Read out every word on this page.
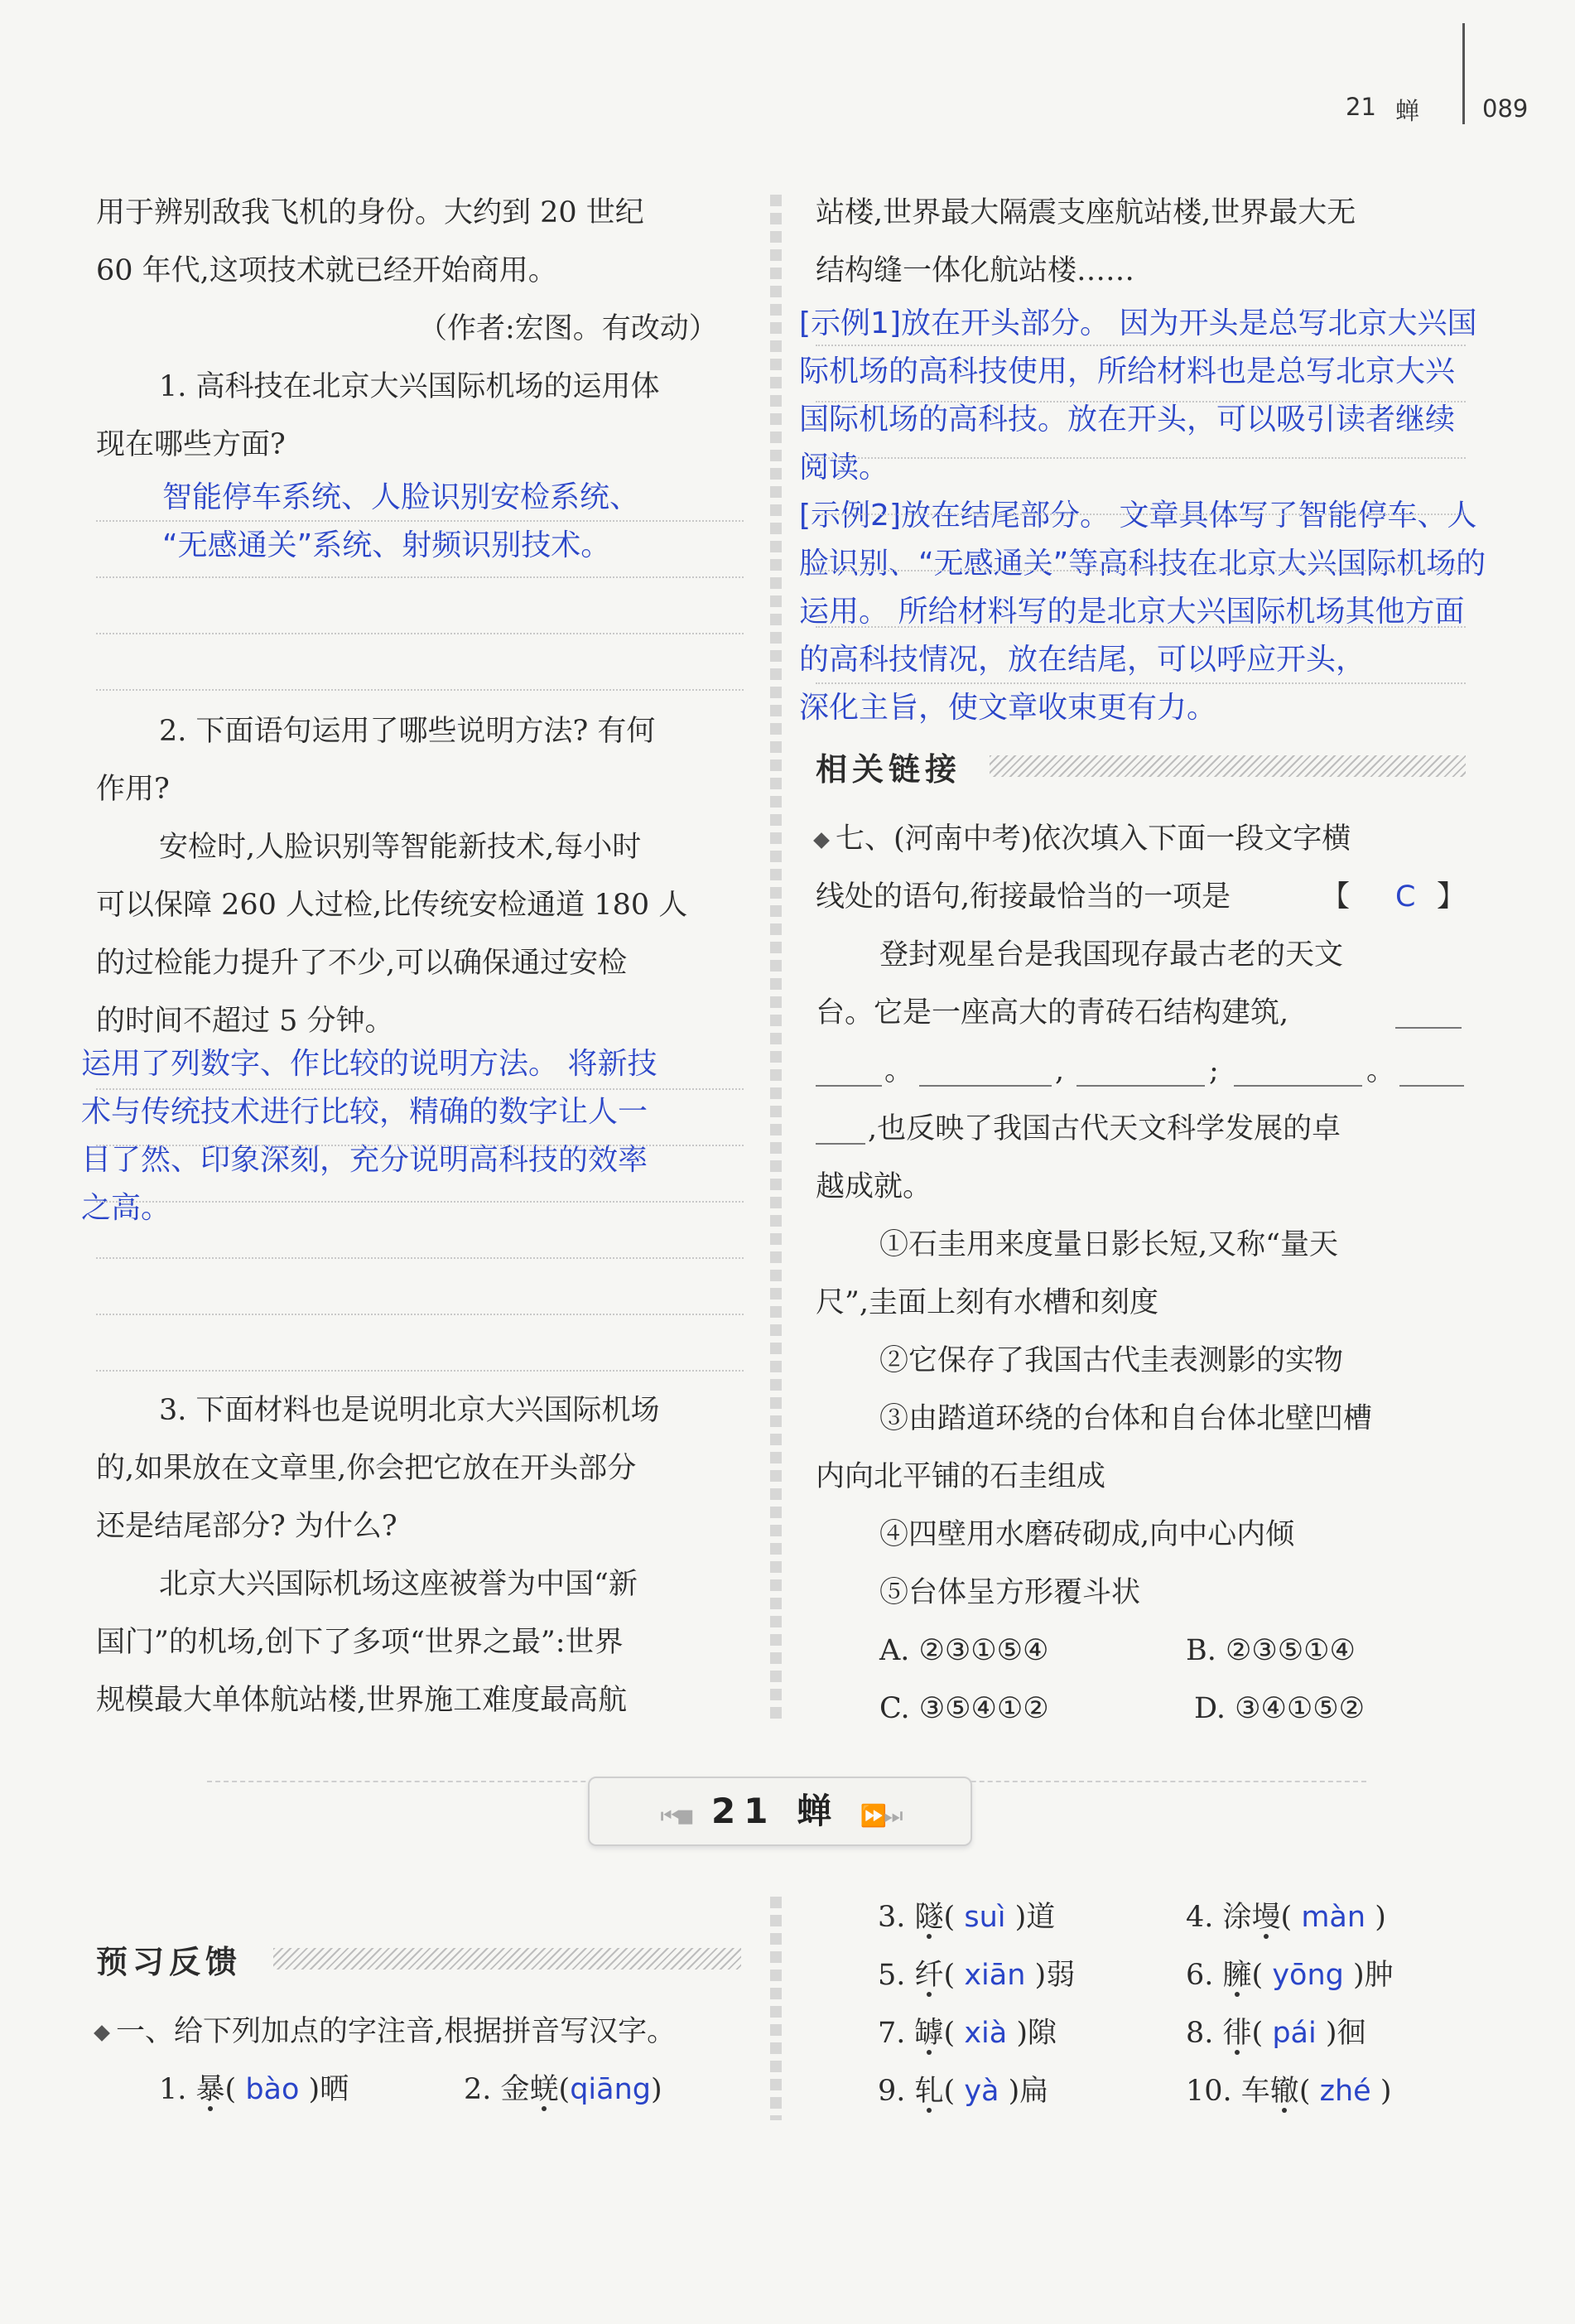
21 蝉	089
用于辨别敌我飞机的身份。大约到 20 世纪
60 年代,这项技术就已经开始商用。
（作者:宏图。有改动）
1. 高科技在北京大兴国际机场的运用体
现在哪些方面?
智能停车系统、人脸识别安检系统、
“无感通关”系统、射频识别技术。
2. 下面语句运用了哪些说明方法? 有何
作用?
安检时,人脸识别等智能新技术,每小时
可以保障 260 人过检,比传统安检通道 180 人
的过检能力提升了不少,可以确保通过安检
的时间不超过 5 分钟。
运用了列数字、作比较的说明方法。 将新技
术与传统技术进行比较，精确的数字让人一
目了然、印象深刻，充分说明高科技的效率
之高。
3. 下面材料也是说明北京大兴国际机场
的,如果放在文章里,你会把它放在开头部分
还是结尾部分? 为什么?
北京大兴国际机场这座被誉为中国“新
国门”的机场,创下了多项“世界之最”:世界
规模最大单体航站楼,世界施工难度最高航
站楼,世界最大隔震支座航站楼,世界最大无
结构缝一体化航站楼……
[示例1]放在开头部分。 因为开头是总写北京大兴国
际机场的高科技使用，所给材料也是总写北京大兴
国际机场的高科技。放在开头，可以吸引读者继续
阅读。
[示例2]放在结尾部分。 文章具体写了智能停车、人
脸识别、“无感通关”等高科技在北京大兴国际机场的
运用。 所给材料写的是北京大兴国际机场其他方面
的高科技情况，放在结尾，可以呼应开头，
深化主旨，使文章收束更有力。
相关链接
七、(河南中考)依次填入下面一段文字横
线处的语句,衔接最恰当的一项是	【 C 】
登封观星台是我国现存最古老的天文
台。它是一座高大的青砖石结构建筑,
。	,	;	。
,也反映了我国古代天文科学发展的卓
越成就。
①石圭用来度量日影长短,又称“量天
尺”,圭面上刻有水槽和刻度
②它保存了我国古代圭表测影的实物
③由踏道环绕的台体和自台体北壁凹槽
内向北平铺的石圭组成
④四壁用水磨砖砌成,向中心内倾
⑤台体呈方形覆斗状
A. ②③①⑤④	B. ②③⑤①④
C. ③⑤④①②	D. ③④①⑤②
⏮◼ 21 蝉 ⏩⏭
预习反馈
一、给下列加点的字注音,根据拼音写汉字。
1. 暴( bào )晒	2. 金蜣(qiāng)
3. 隧( suì )道	4. 涂墁( màn )
5. 纤( xiān )弱	6. 臃( yōng )肿
7. 罅( xià )隙	8. 徘( pái )徊
9. 轧( yà )扁	10. 车辙( zhé )
